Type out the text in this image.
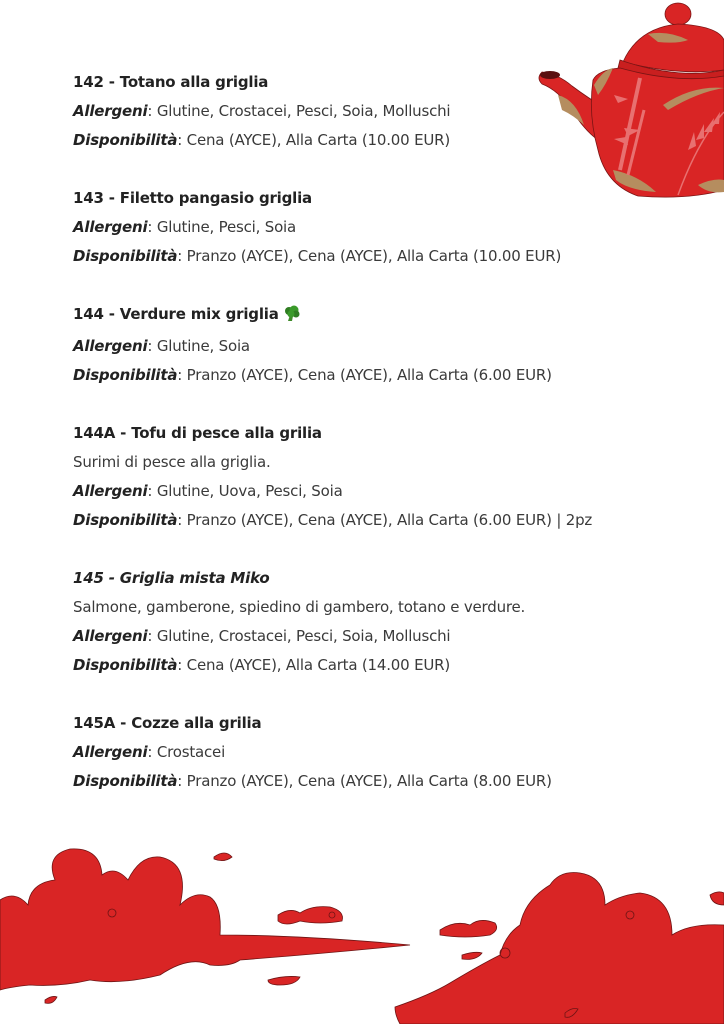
142 - Totano alla griglia
Allergeni: Glutine, Crostacei, Pesci, Soia, Molluschi
Disponibilità: Cena (AYCE), Alla Carta (10.00 EUR)
143 - Filetto pangasio griglia
Allergeni: Glutine, Pesci, Soia
Disponibilità: Pranzo (AYCE), Cena (AYCE), Alla Carta (10.00 EUR)
144 - Verdure mix griglia
Allergeni: Glutine, Soia
Disponibilità: Pranzo (AYCE), Cena (AYCE), Alla Carta (6.00 EUR)
144A - Tofu di pesce alla grilia
Surimi di pesce alla griglia.
Allergeni: Glutine, Uova, Pesci, Soia
Disponibilità: Pranzo (AYCE), Cena (AYCE), Alla Carta (6.00 EUR) | 2pz
145 - Griglia mista Miko
Salmone, gamberone, spiedino di gambero, totano e verdure.
Allergeni: Glutine, Crostacei, Pesci, Soia, Molluschi
Disponibilità: Cena (AYCE), Alla Carta (14.00 EUR)
145A - Cozze alla grilia
Allergeni: Crostacei
Disponibilità: Pranzo (AYCE), Cena (AYCE), Alla Carta (8.00 EUR)
